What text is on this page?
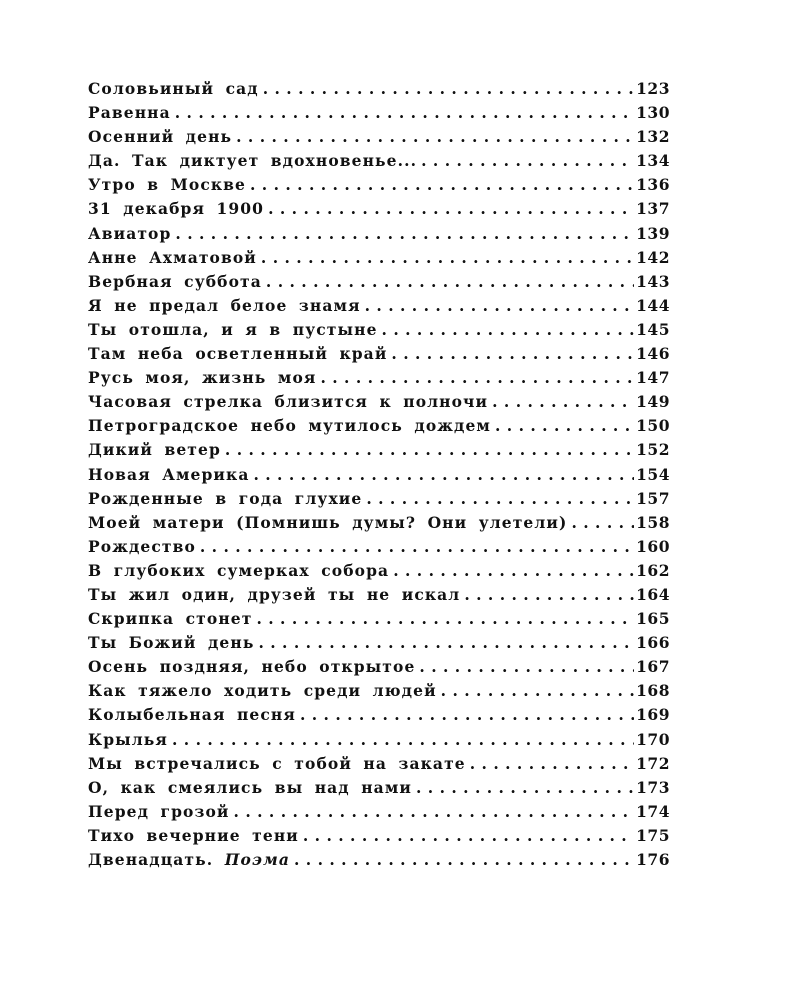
Соловьиный сад . . .	123
Равенна . . .	130
Осенний день . . .	132
Да. Так диктует вдохновенье... . . .	134
Утро в Москве . . .	136
31 декабря 1900 . . .	137
Авиатор . . .	139
Анне Ахматовой . . .	142
Вербная суббота . . .	143
Я не предал белое знамя . . .	144
Ты отошла, и я в пустыне . . .	145
Там неба осветленный край . . .	146
Русь моя, жизнь моя . . .	147
Часовая стрелка близится к полночи . . .	149
Петроградское небо мутилось дождем . . .	150
Дикий ветер . . .	152
Новая Америка . . .	154
Рожденные в года глухие . . .	157
Моей матери (Помнишь думы? Они улетели) . . .	158
Рождество . . .	160
В глубоких сумерках собора . . .	162
Ты жил один, друзей ты не искал . . .	164
Скрипка стонет . . .	165
Ты Божий день . . .	166
Осень поздняя, небо открытое . . .	167
Как тяжело ходить среди людей . . .	168
Колыбельная песня . . .	169
Крылья . . .	170
Мы встречались с тобой на закате . . .	172
О, как смеялись вы над нами . . .	173
Перед грозой . . .	174
Тихо вечерние тени . . .	175
Двенадцать. Поэма . . .	176
